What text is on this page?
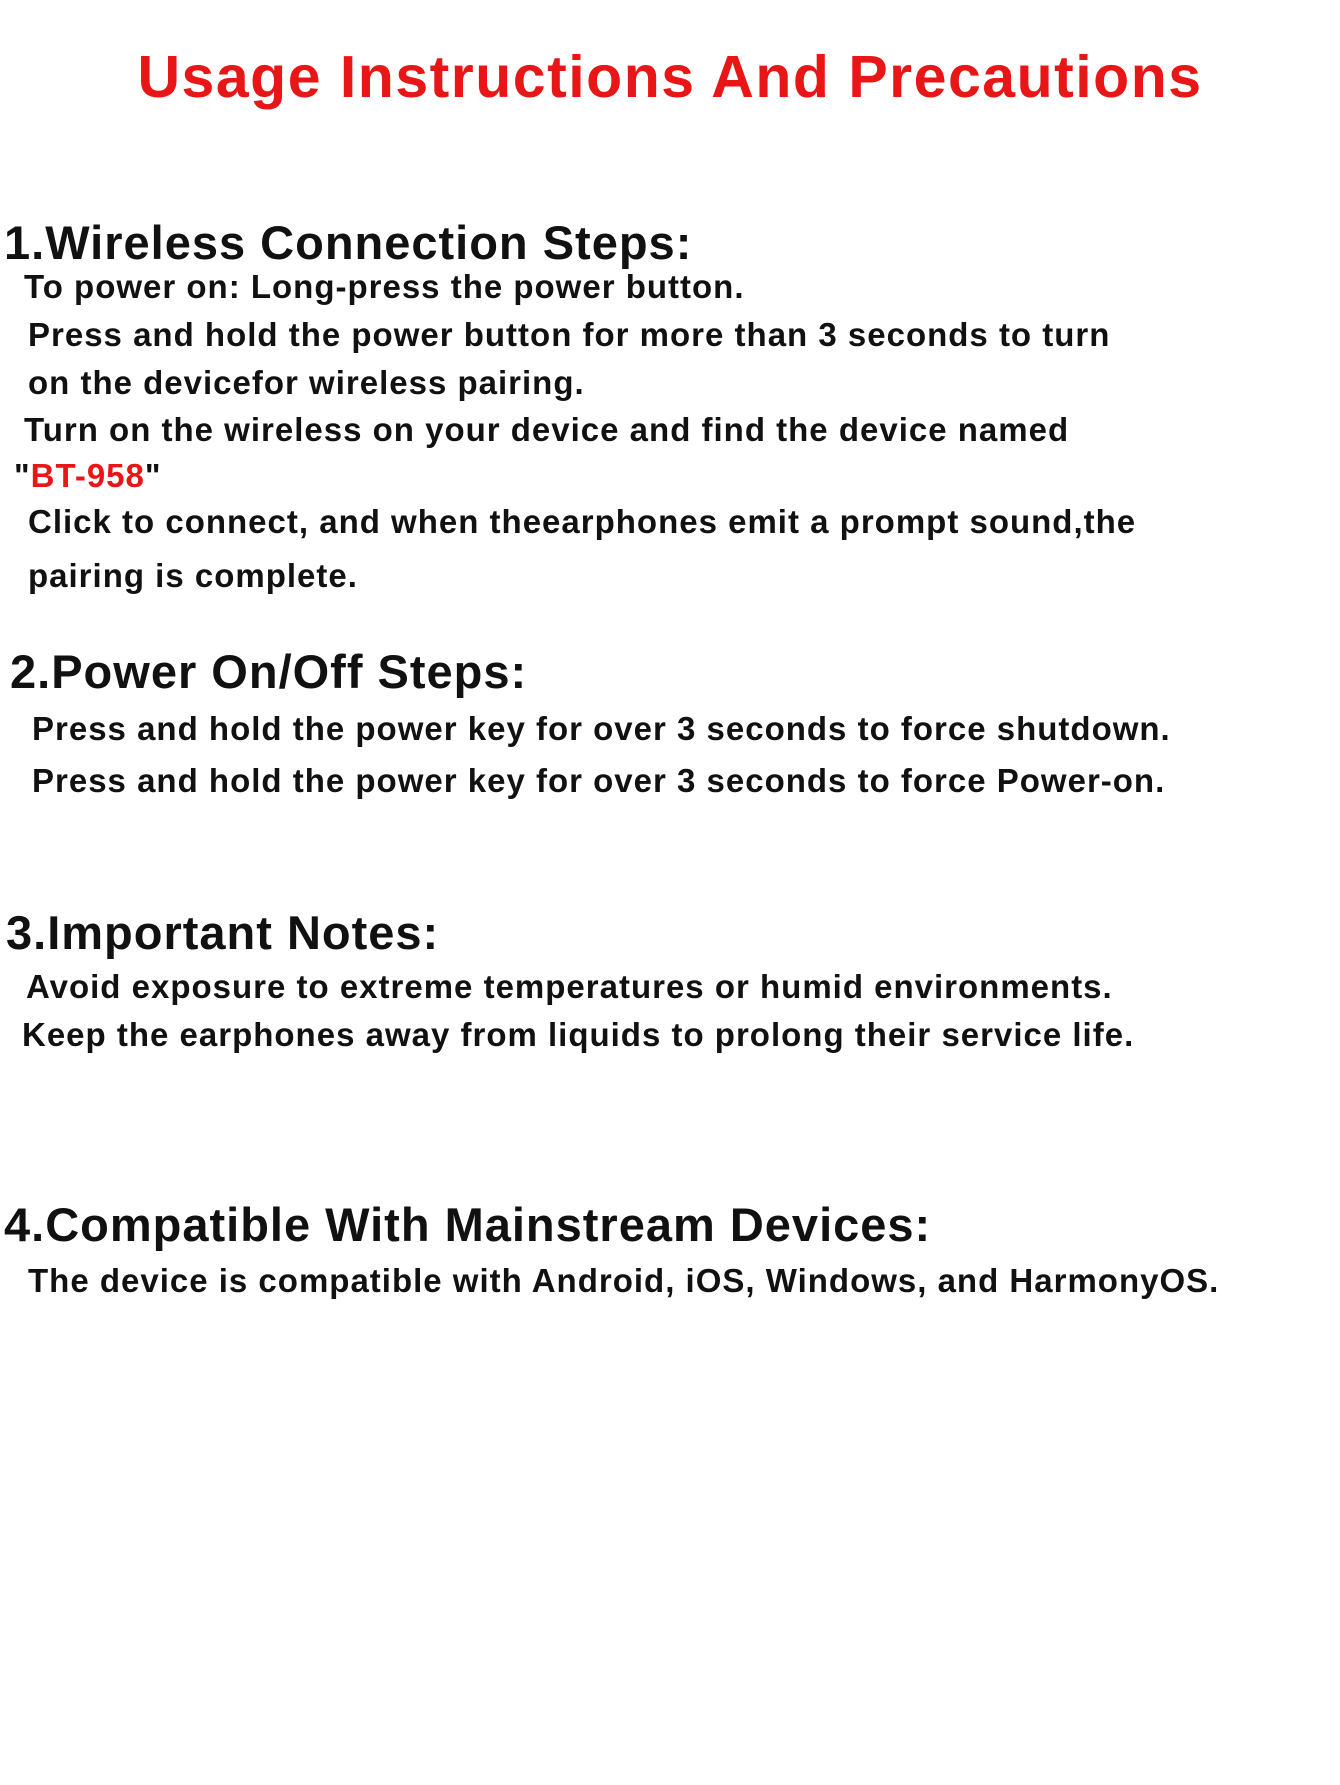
Usage Instructions And Precautions
1.Wireless Connection Steps:

To power on: Long-press the power button.

Press and hold the power button for more than 3 seconds to turn

on the devicefor wireless pairing.

Turn on the wireless on your device and find the device named

"BT-958"

Click to connect, and when theearphones emit a prompt sound,the

pairing is complete.

2.Power On/Off Steps:

Press and hold the power key for over 3 seconds to force shutdown.

Press and hold the power key for over 3 seconds to force Power-on.

3.Important Notes:

Avoid exposure to extreme temperatures or humid environments.

Keep the earphones away from liquids to prolong their service life.

4.Compatible With Mainstream Devices:

The device is compatible with Android, iOS, Windows, and HarmonyOS.
